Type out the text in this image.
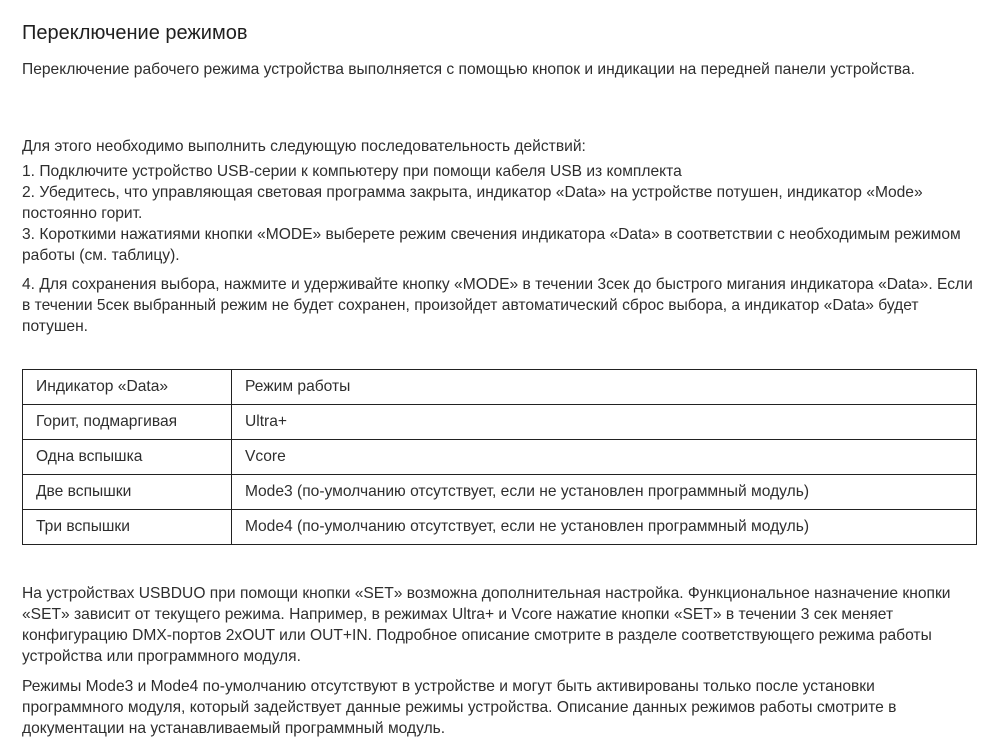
Переключение режимов

Переключение рабочего режима устройства выполняется с помощью кнопок и индикации на передней панели устройства.

Для этого необходимо выполнить следующую последовательность действий:

1. Подключите устройство USB-серии к компьютеру при помощи кабеля USB из комплекта
2. Убедитесь, что управляющая световая программа закрыта, индикатор «Data» на устройстве потушен, индикатор «Mode» постоянно горит.
3. Короткими нажатиями кнопки «MODE» выберете режим свечения индикатора «Data» в соответствии с необходимым режимом работы (см. таблицу).
4. Для сохранения выбора, нажмите и удерживайте кнопку «MODE» в течении 3сек до быстрого мигания индикатора «Data». Если в течении 5сек выбранный режим не будет сохранен, произойдет автоматический сброс выбора, а индикатор «Data» будет потушен.
Индикатор «Data»	Режим работы
Горит, подмаргивая	Ultra+
Одна вспышка	Vcore
Две вспышки	Mode3 (по-умолчанию отсутствует, если не установлен программный модуль)
Три вспышки	Mode4 (по-умолчанию отсутствует, если не установлен программный модуль)

На устройствах USBDUO при помощи кнопки «SET» возможна дополнительная настройка. Функциональное назначение кнопки «SET» зависит от текущего режима. Например, в режимах Ultra+ и Vcore нажатие кнопки «SET» в течении 3 сек меняет конфигурацию DMX-портов 2xOUT или OUT+IN. Подробное описание смотрите в разделе соответствующего режима работы устройства или программного модуля.

Режимы Mode3 и Mode4 по-умолчанию отсутствуют в устройстве и могут быть активированы только после установки программного модуля, который задействует данные режимы устройства. Описание данных режимов работы смотрите в документации на устанавливаемый программный модуль.
